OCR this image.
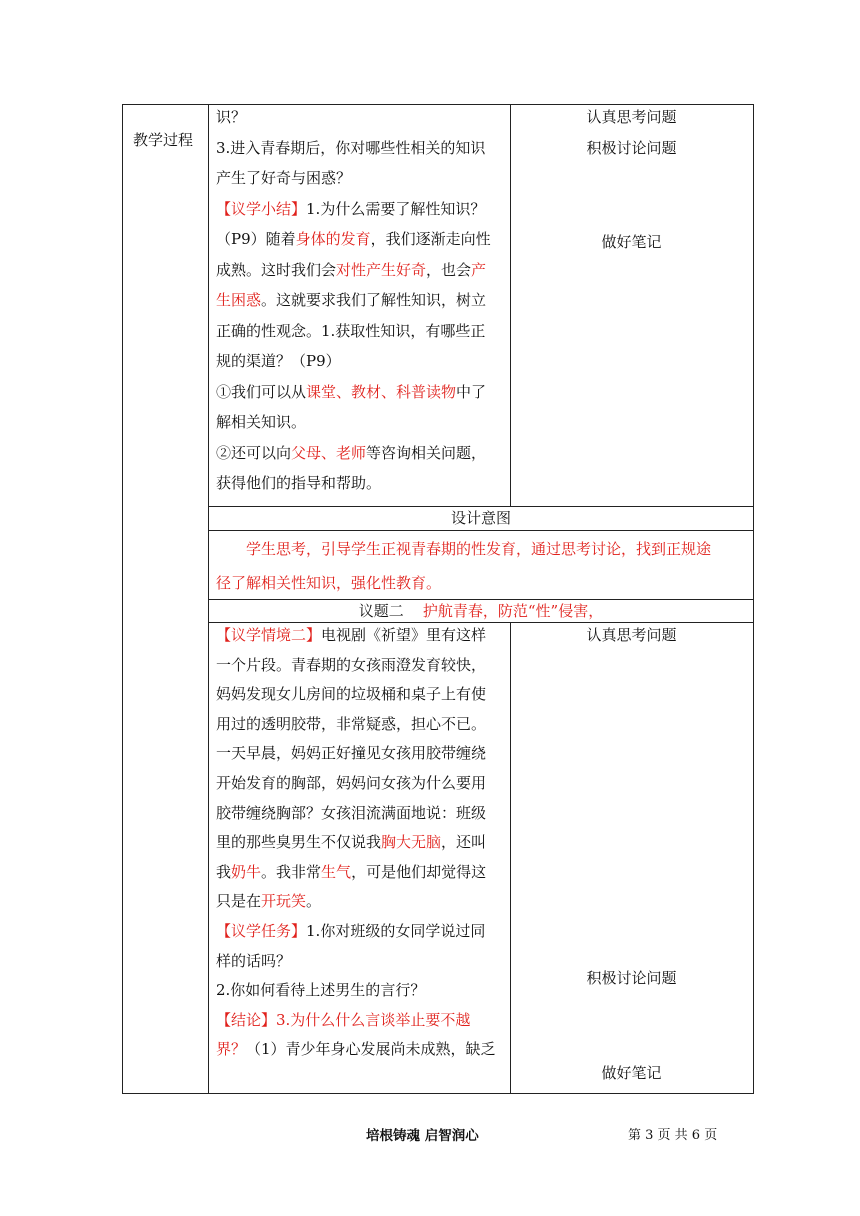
教学过程
识？
3.进入青春期后，你对哪些性相关的知识
产生了好奇与困惑？
【议学小结】1.为什么需要了解性知识？
（P9）随着身体的发育，我们逐渐走向性
成熟。这时我们会对性产生好奇，也会产
生困惑。这就要求我们了解性知识，树立
正确的性观念。1.获取性知识，有哪些正
规的渠道？（P9）
①我们可以从课堂、教材、科普读物中了
解相关知识。
②还可以向父母、老师等咨询相关问题，
获得他们的指导和帮助。
认真思考问题
积极讨论问题
做好笔记
设计意图
学生思考，引导学生正视青春期的性发育，通过思考讨论，找到正规途
径了解相关性知识，强化性教育。
议题二 护航青春，防范“性”侵害，
【议学情境二】电视剧《祈望》里有这样
一个片段。青春期的女孩雨澄发育较快，
妈妈发现女儿房间的垃圾桶和桌子上有使
用过的透明胶带，非常疑惑，担心不已。
一天早晨，妈妈正好撞见女孩用胶带缠绕
开始发育的胸部，妈妈问女孩为什么要用
胶带缠绕胸部？女孩泪流满面地说：班级
里的那些臭男生不仅说我胸大无脑，还叫
我奶牛。我非常生气，可是他们却觉得这
只是在开玩笑。
【议学任务】1.你对班级的女同学说过同
样的话吗？
2.你如何看待上述男生的言行？
【结论】3.为什么什么言谈举止要不越
界？（1）青少年身心发展尚未成熟，缺乏
认真思考问题
积极讨论问题
做好笔记
培根铸魂 启智润心	第 3 页 共 6 页
